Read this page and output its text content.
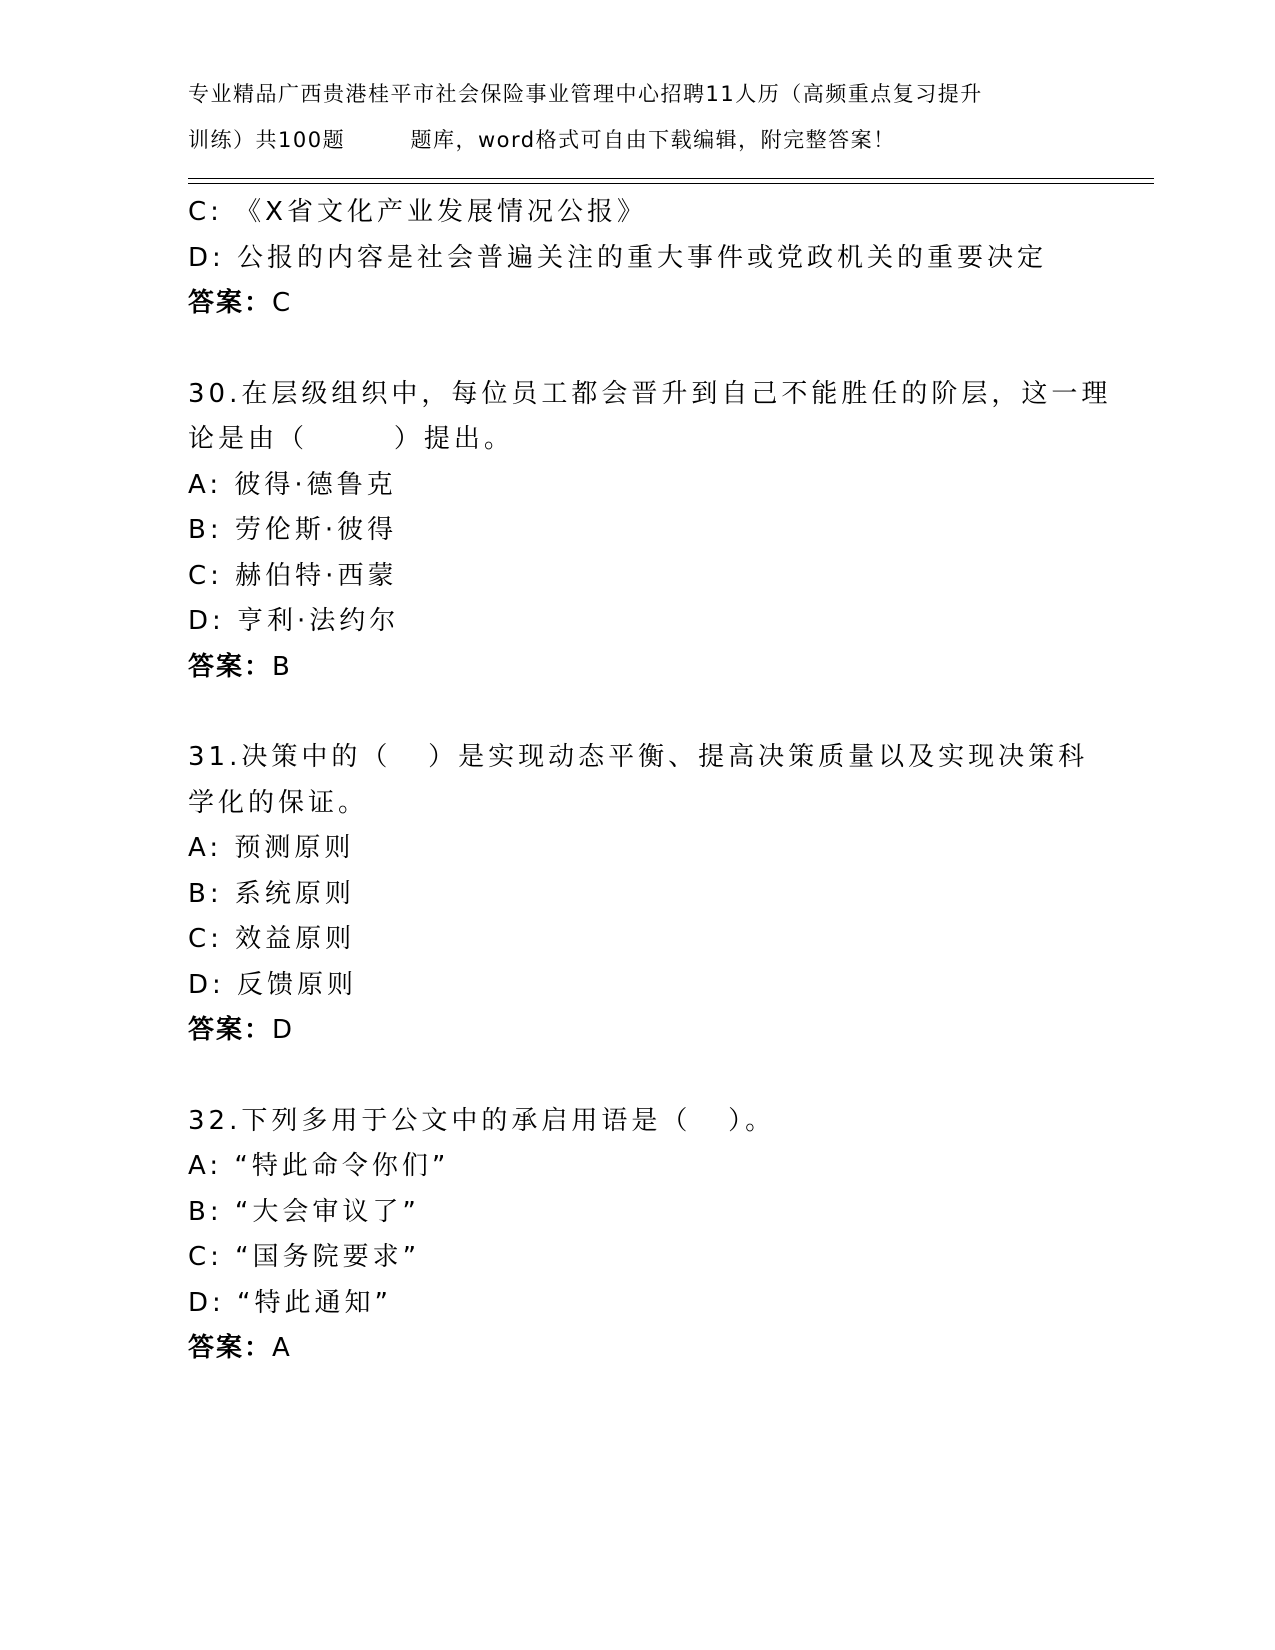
专业精品广西贵港桂平市社会保险事业管理中心招聘11人历（高频重点复习提升
训练）共100题        题库，word格式可自由下载编辑，附完整答案！
C: 《X省文化产业发展情况公报》
D: 公报的内容是社会普遍关注的重大事件或党政机关的重要决定
答案：C
30.在层级组织中，每位员工都会晋升到自己不能胜任的阶层，这一理
论是由（       ）提出。
A: 彼得·德鲁克
B: 劳伦斯·彼得
C: 赫伯特·西蒙
D: 亨利·法约尔
答案：B
31.决策中的（   ）是实现动态平衡、提高决策质量以及实现决策科
学化的保证。
A: 预测原则
B: 系统原则
C: 效益原则
D: 反馈原则
答案：D
32.下列多用于公文中的承启用语是（   ）。
A: “特此命令你们”
B: “大会审议了”
C: “国务院要求”
D: “特此通知”
答案：A
